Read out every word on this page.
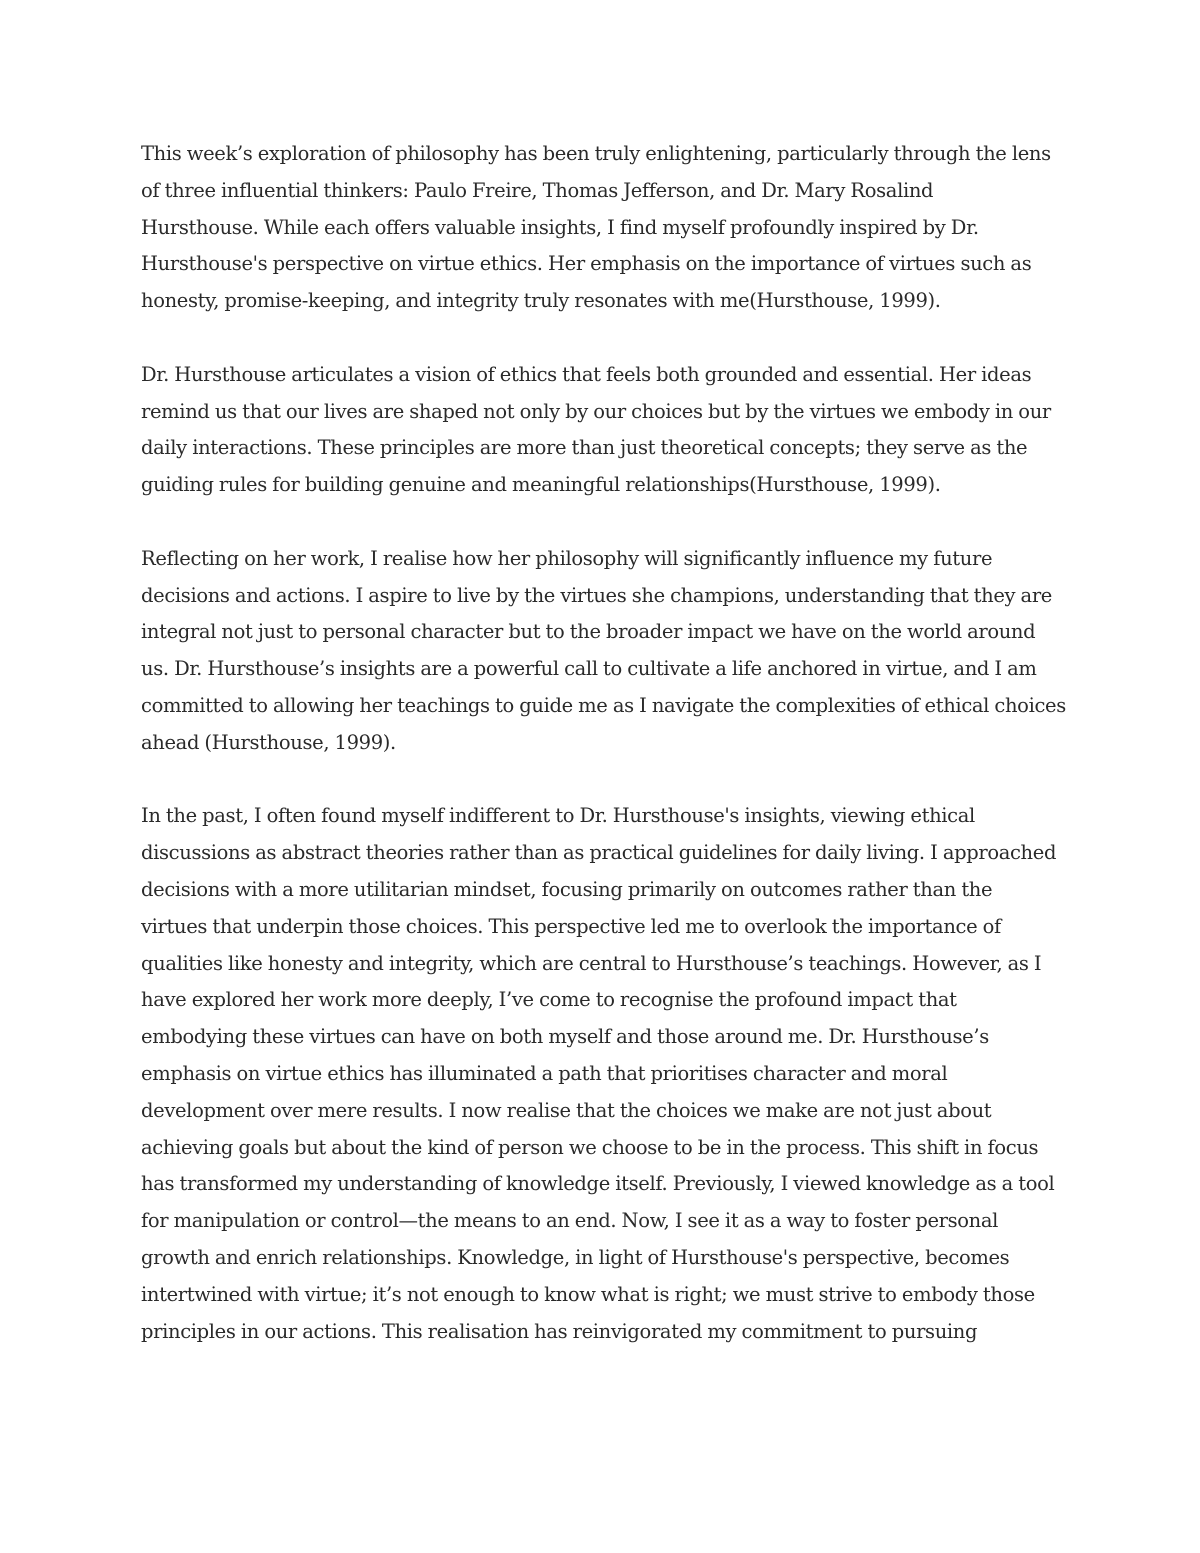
This week’s exploration of philosophy has been truly enlightening, particularly through the lens
of three influential thinkers: Paulo Freire, Thomas Jefferson, and Dr. Mary Rosalind
Hursthouse. While each offers valuable insights, I find myself profoundly inspired by Dr.
Hursthouse's perspective on virtue ethics. Her emphasis on the importance of virtues such as
honesty, promise-keeping, and integrity truly resonates with me(Hursthouse, 1999).

Dr. Hursthouse articulates a vision of ethics that feels both grounded and essential. Her ideas
remind us that our lives are shaped not only by our choices but by the virtues we embody in our
daily interactions. These principles are more than just theoretical concepts; they serve as the
guiding rules for building genuine and meaningful relationships(Hursthouse, 1999).

Reflecting on her work, I realise how her philosophy will significantly influence my future
decisions and actions. I aspire to live by the virtues she champions, understanding that they are
integral not just to personal character but to the broader impact we have on the world around
us. Dr. Hursthouse’s insights are a powerful call to cultivate a life anchored in virtue, and I am
committed to allowing her teachings to guide me as I navigate the complexities of ethical choices
ahead (Hursthouse, 1999).

In the past, I often found myself indifferent to Dr. Hursthouse's insights, viewing ethical
discussions as abstract theories rather than as practical guidelines for daily living. I approached
decisions with a more utilitarian mindset, focusing primarily on outcomes rather than the
virtues that underpin those choices. This perspective led me to overlook the importance of
qualities like honesty and integrity, which are central to Hursthouse’s teachings. However, as I
have explored her work more deeply, I’ve come to recognise the profound impact that
embodying these virtues can have on both myself and those around me. Dr. Hursthouse’s
emphasis on virtue ethics has illuminated a path that prioritises character and moral
development over mere results. I now realise that the choices we make are not just about
achieving goals but about the kind of person we choose to be in the process. This shift in focus
has transformed my understanding of knowledge itself. Previously, I viewed knowledge as a tool
for manipulation or control—the means to an end. Now, I see it as a way to foster personal
growth and enrich relationships. Knowledge, in light of Hursthouse's perspective, becomes
intertwined with virtue; it’s not enough to know what is right; we must strive to embody those
principles in our actions. This realisation has reinvigorated my commitment to pursuing
